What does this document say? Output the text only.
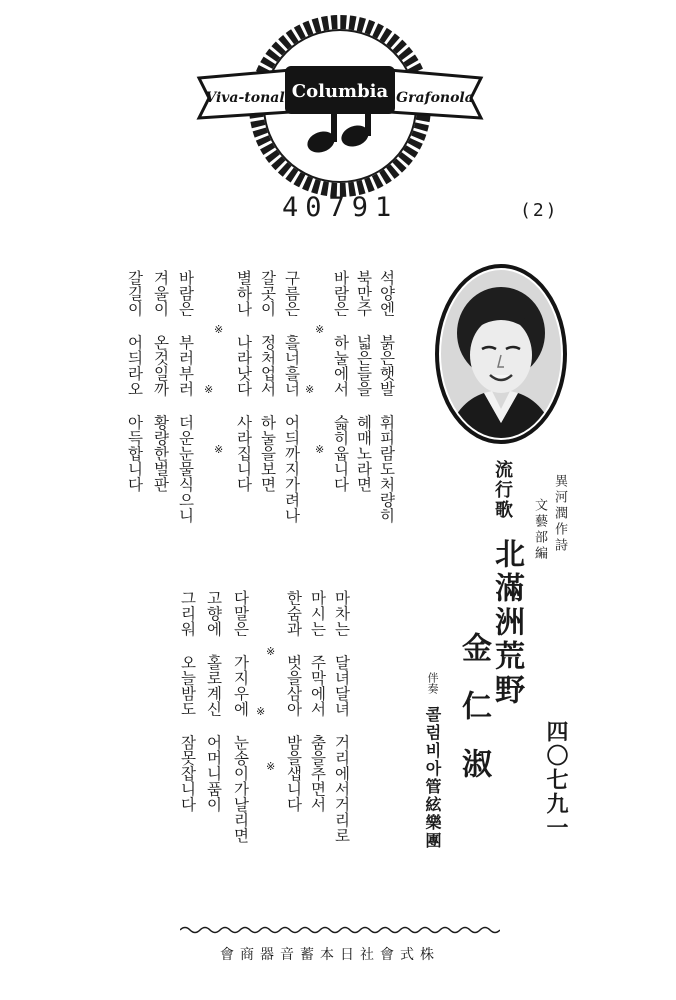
Viva-tonal Columbia Grafonola
40791	(2)
四〇七九一
異河潤作詩
文藝部編
流行歌
北滿洲荒野
金仁淑
伴奏
콜럼비아管絃樂團
석양엔 붉은햇발 휘피람도처량히
북만주 넓은들을 헤매노라면
바람은 하눌에서 슯히웁니다
※
※
※
구름은 흘너흘너 어듸까지가려나
갈곳이 정처업서 하눌을보면
별하나 나라낫다 사라집니다
※
※
※
바람은 부러부러 더운눈물식으니
겨울이 온것일까 황량한벌판
갈길이 어듸라오 아득합니다
마차는 달녀달녀 거리에서거리로
마시는 주막에서 춤을추면서
한숨과 벗을삼아 밤을샙니다
※
※
※
다말은 가지우에 눈송이가날리면
고향에 홀로계신 어머니품이
그리워 오늘밤도 잠못잡니다
會商器音蓄本日社會式株
